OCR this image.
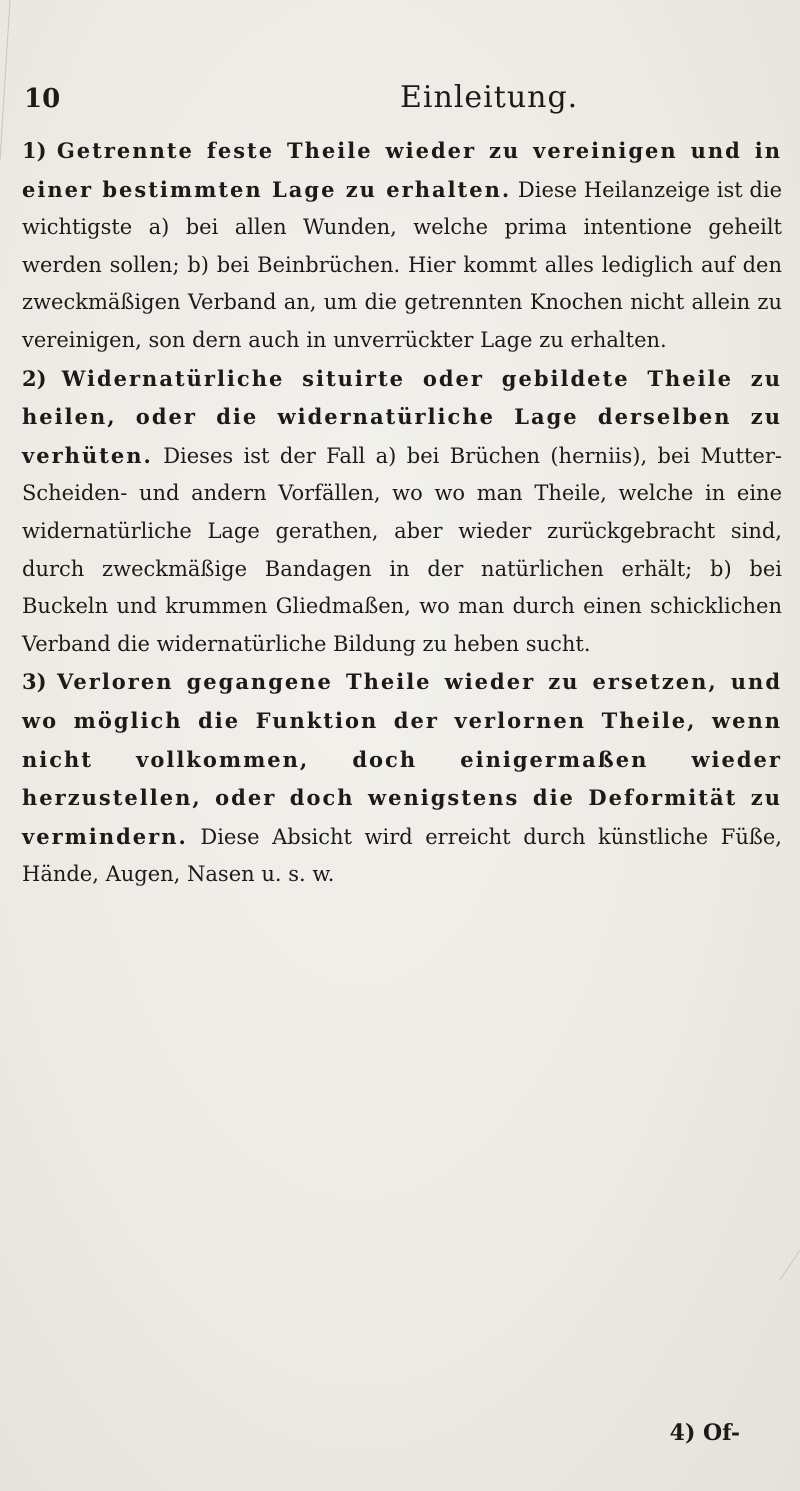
10	Einleitung.

1) Getrennte feste Theile wieder zu vereinigen und in einer bestimmten Lage zu erhalten. Diese Heilanzeige ist die wichtigste a) bei allen Wunden, welche prima intentione geheilt werden sollen; b) bei Beinbrüchen. Hier kommt alles lediglich auf den zweckmäßigen Verband an, um die getrennten Knochen nicht allein zu vereinigen, son dern auch in unverrückter Lage zu erhalten.

2) Widernatürliche situirte oder gebildete Theile zu heilen, oder die widernatürliche Lage derselben zu verhüten. Dieses ist der Fall a) bei Brüchen (herniis), bei Mutter-Scheiden- und andern Vorfällen, wo wo man Theile, welche in eine widernatürliche Lage gerathen, aber wieder zurückgebracht sind, durch zweckmäßige Bandagen in der natürlichen erhält; b) bei Buckeln und krummen Gliedmaßen, wo man durch einen schicklichen Verband die widernatürliche Bildung zu heben sucht.

3) Verloren gegangene Theile wieder zu ersetzen, und wo möglich die Funktion der verlornen Theile, wenn nicht vollkommen, doch einigermaßen wieder herzustellen, oder doch wenigstens die Deformität zu vermindern. Diese Absicht wird erreicht durch künstliche Füße, Hände, Augen, Nasen u. s. w.

4) Of-
